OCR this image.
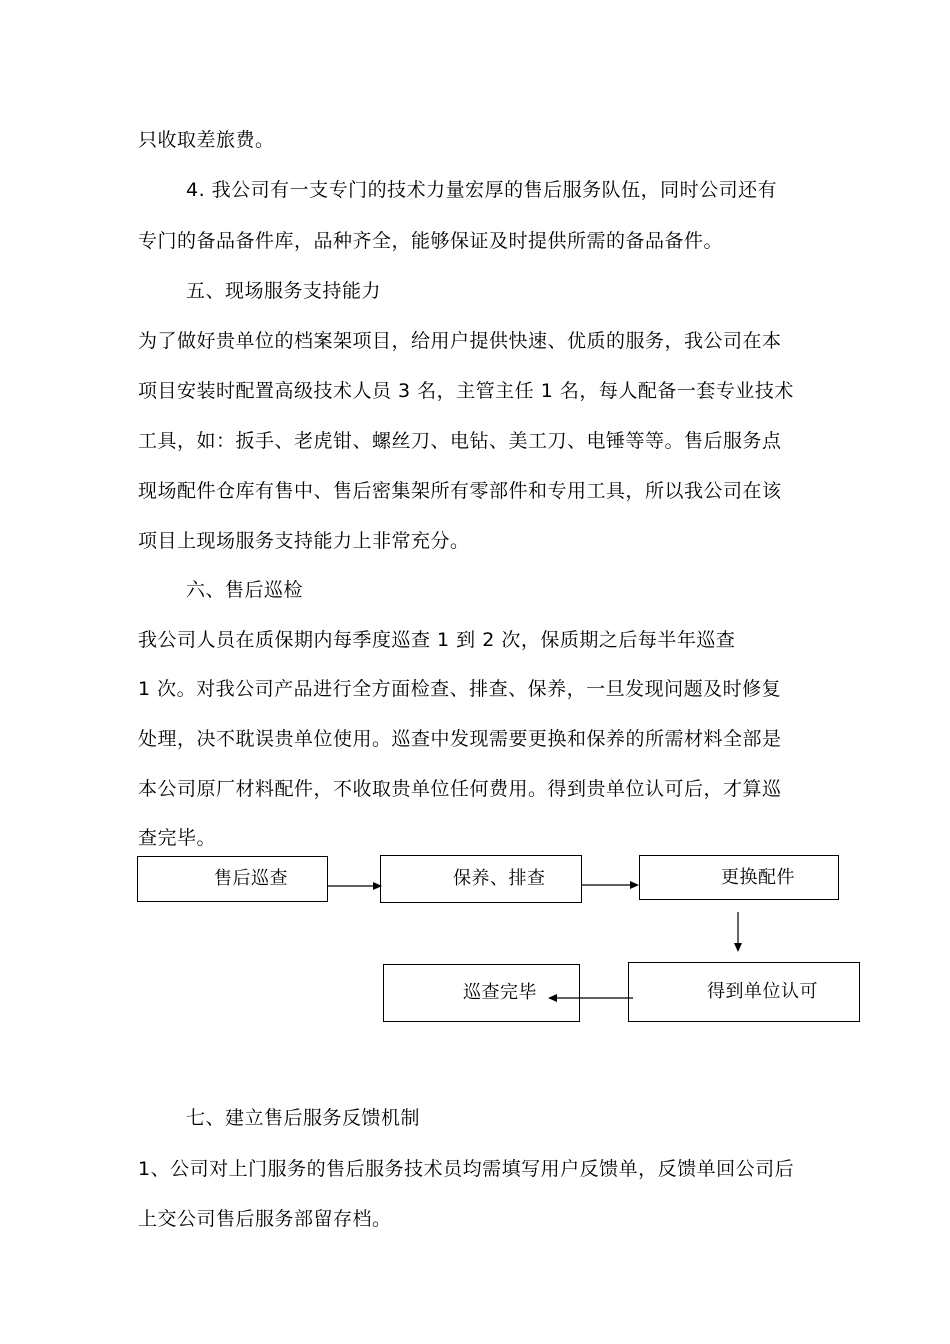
只收取差旅费。
4. 我公司有一支专门的技术力量宏厚的售后服务队伍，同时公司还有
专门的备品备件库，品种齐全，能够保证及时提供所需的备品备件。
五、现场服务支持能力
为了做好贵单位的档案架项目，给用户提供快速、优质的服务，我公司在本
项目安装时配置高级技术人员 3 名，主管主任 1 名，每人配备一套专业技术
工具，如：扳手、老虎钳、螺丝刀、电钻、美工刀、电锤等等。售后服务点
现场配件仓库有售中、售后密集架所有零部件和专用工具，所以我公司在该
项目上现场服务支持能力上非常充分。
六、售后巡检
我公司人员在质保期内每季度巡查 1 到 2 次，保质期之后每半年巡查
1 次。对我公司产品进行全方面检查、排查、保养，一旦发现问题及时修复
处理，决不耽误贵单位使用。巡查中发现需要更换和保养的所需材料全部是
本公司原厂材料配件，不收取贵单位任何费用。得到贵单位认可后，才算巡
查完毕。
售后巡查	保养、排查	更换配件
得到单位认可
巡查完毕
七、建立售后服务反馈机制
1、公司对上门服务的售后服务技术员均需填写用户反馈单，反馈单回公司后
上交公司售后服务部留存档。
